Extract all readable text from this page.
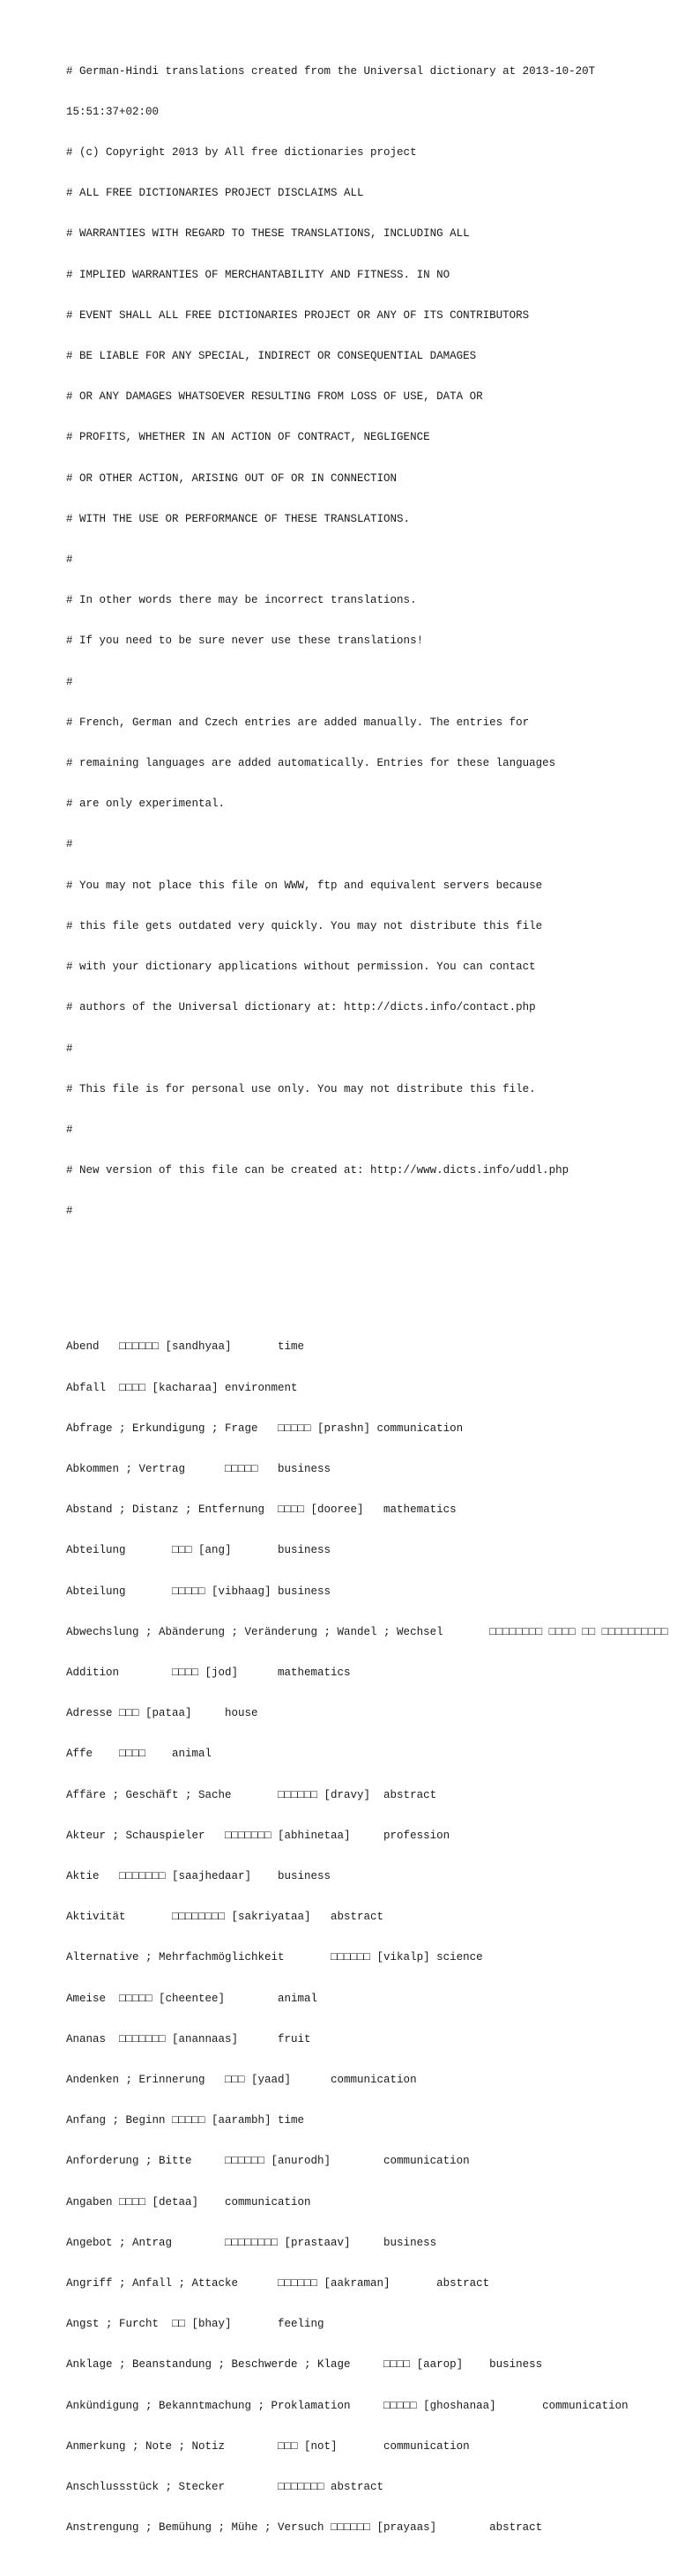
# German-Hindi translations created from the Universal dictionary at 2013-10-20T

15:51:37+02:00

# (c) Copyright 2013 by All free dictionaries project

# ALL FREE DICTIONARIES PROJECT DISCLAIMS ALL

# WARRANTIES WITH REGARD TO THESE TRANSLATIONS, INCLUDING ALL

# IMPLIED WARRANTIES OF MERCHANTABILITY AND FITNESS. IN NO

# EVENT SHALL ALL FREE DICTIONARIES PROJECT OR ANY OF ITS CONTRIBUTORS

# BE LIABLE FOR ANY SPECIAL, INDIRECT OR CONSEQUENTIAL DAMAGES

# OR ANY DAMAGES WHATSOEVER RESULTING FROM LOSS OF USE, DATA OR

# PROFITS, WHETHER IN AN ACTION OF CONTRACT, NEGLIGENCE

# OR OTHER ACTION, ARISING OUT OF OR IN CONNECTION

# WITH THE USE OR PERFORMANCE OF THESE TRANSLATIONS.

#

# In other words there may be incorrect translations.

# If you need to be sure never use these translations!

#

# French, German and Czech entries are added manually. The entries for

# remaining languages are added automatically. Entries for these languages

# are only experimental.

#

# You may not place this file on WWW, ftp and equivalent servers because

# this file gets outdated very quickly. You may not distribute this file

# with your dictionary applications without permission. You can contact

# authors of the Universal dictionary at: http://dicts.info/contact.php

#

# This file is for personal use only. You may not distribute this file.

#

# New version of this file can be created at: http://www.dicts.info/uddl.php

#

Abend   □□□□□□ [sandhyaa]       time

Abfall  □□□□ [kacharaa] environment

Abfrage ; Erkundigung ; Frage   □□□□□ [prashn] communication

Abkommen ; Vertrag      □□□□□   business

Abstand ; Distanz ; Entfernung  □□□□ [dooree]   mathematics

Abteilung       □□□ [ang]       business

Abteilung       □□□□□ [vibhaag] business

Abwechslung ; Abänderung ; Veränderung ; Wandel ; Wechsel       □□□□□□□□ □□□□ □□ □□□□□□□□□□

Addition        □□□□ [jod]      mathematics

Adresse □□□ [pataa]     house

Affe    □□□□    animal

Affäre ; Geschäft ; Sache       □□□□□□ [dravy]  abstract

Akteur ; Schauspieler   □□□□□□□ [abhinetaa]     profession

Aktie   □□□□□□□ [saajhedaar]    business

Aktivität       □□□□□□□□ [sakriyataa]   abstract

Alternative ; Mehrfachmöglichkeit       □□□□□□ [vikalp] science

Ameise  □□□□□ [cheentee]        animal

Ananas  □□□□□□□ [anannaas]      fruit

Andenken ; Erinnerung   □□□ [yaad]      communication

Anfang ; Beginn □□□□□ [aarambh] time

Anforderung ; Bitte     □□□□□□ [anurodh]        communication

Angaben □□□□ [detaa]    communication

Angebot ; Antrag        □□□□□□□□ [prastaav]     business

Angriff ; Anfall ; Attacke      □□□□□□ [aakraman]       abstract

Angst ; Furcht  □□ [bhay]       feeling

Anklage ; Beanstandung ; Beschwerde ; Klage     □□□□ [aarop]    business

Ankündigung ; Bekanntmachung ; Proklamation     □□□□□ [ghoshanaa]       communication

Anmerkung ; Note ; Notiz        □□□ [not]       communication

Anschlussstück ; Stecker        □□□□□□□ abstract

Anstrengung ; Bemühung ; Mühe ; Versuch □□□□□□ [prayaas]        abstract
